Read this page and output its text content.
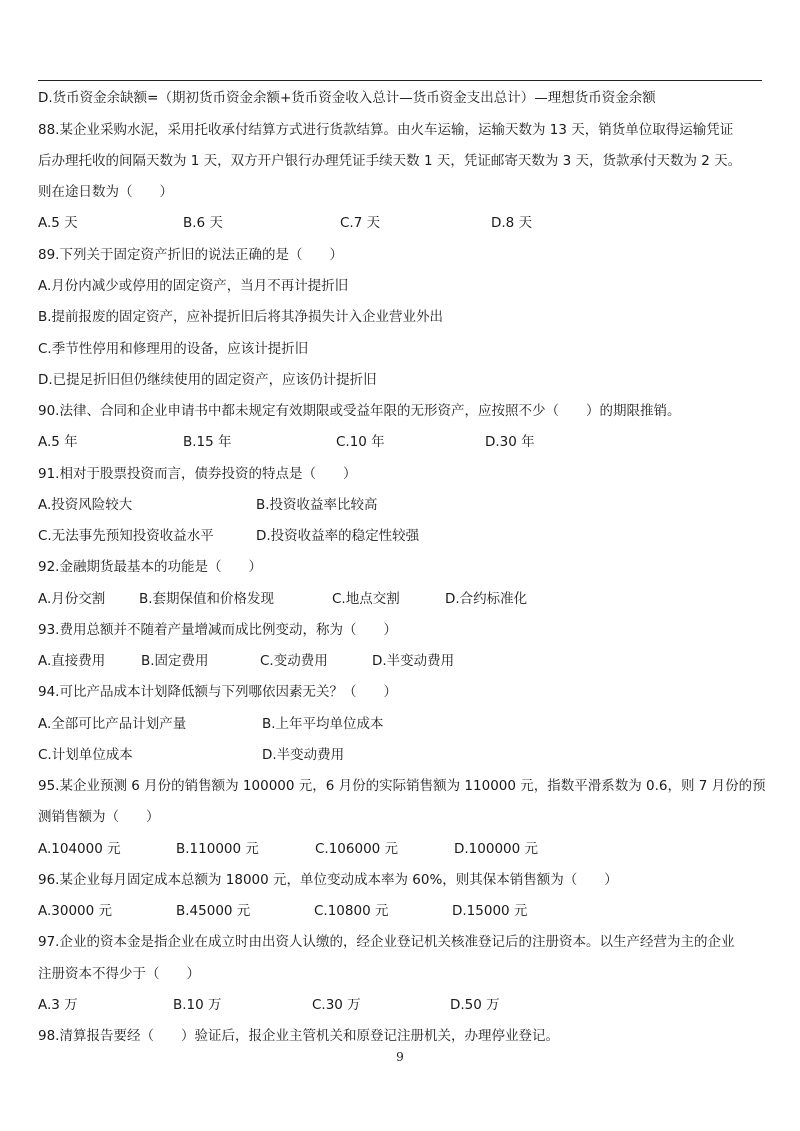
D.货币资金余缺额=（期初货币资金余额+货币资金收入总计—货币资金支出总计）—理想货币资金余额
88.某企业采购水泥，采用托收承付结算方式进行货款结算。由火车运输，运输天数为 13 天，销货单位取得运输凭证
后办理托收的间隔天数为 1 天，双方开户银行办理凭证手续天数 1 天，凭证邮寄天数为 3 天，货款承付天数为 2 天。
则在途日数为（　　）
A.5 天	B.6 天	C.7 天	D.8 天
89.下列关于固定资产折旧的说法正确的是（　　）
A.月份内减少或停用的固定资产，当月不再计提折旧
B.提前报废的固定资产，应补提折旧后将其净损失计入企业营业外出
C.季节性停用和修理用的设备，应该计提折旧
D.已提足折旧但仍继续使用的固定资产，应该仍计提折旧
90.法律、合同和企业申请书中都未规定有效期限或受益年限的无形资产，应按照不少（　　）的期限推销。
A.5 年	B.15 年	C.10 年	D.30 年
91.相对于股票投资而言，债券投资的特点是（　　）
A.投资风险较大	B.投资收益率比较高
C.无法事先预知投资收益水平	D.投资收益率的稳定性较强
92.金融期货最基本的功能是（　　）
A.月份交割 B.套期保值和价格发现	C.地点交割	D.合约标准化
93.费用总额并不随着产量增减而成比例变动，称为（　　）
A.直接费用	B.固定费用	C.变动费用	D.半变动费用
94.可比产品成本计划降低额与下列哪依因素无关？（　　）
A.全部可比产品计划产量	B.上年平均单位成本
C.计划单位成本	D.半变动费用
95.某企业预测 6 月份的销售额为 100000 元，6 月份的实际销售额为 110000 元，指数平滑系数为 0.6，则 7 月份的预
测销售额为（　　）
A.104000 元	B.110000 元	C.106000 元	D.100000 元
96.某企业每月固定成本总额为 18000 元，单位变动成本率为 60%，则其保本销售额为（　　）
A.30000 元	B.45000 元	C.10800 元	D.15000 元
97.企业的资本金是指企业在成立时由出资人认缴的，经企业登记机关核准登记后的注册资本。以生产经营为主的企业
注册资本不得少于（　　）
A.3 万	B.10 万	C.30 万	D.50 万
98.清算报告要经（　　）验证后，报企业主管机关和原登记注册机关，办理停业登记。
9
